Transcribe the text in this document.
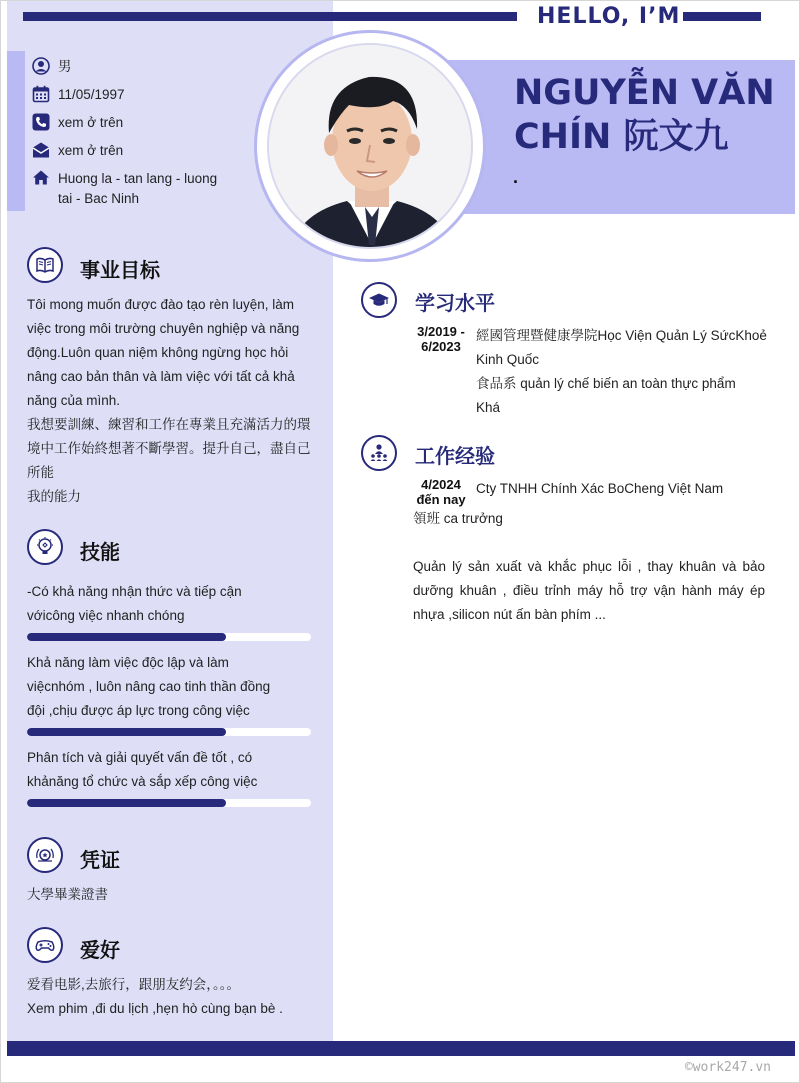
HELLO, I’M
NGUYỄN VĂN CHÍN 阮文九
.
男
11/05/1997
xem ở trên
xem ở trên
Huong la - tan lang - luong tai - Bac Ninh
事业目标
Tôi mong muốn được đào tạo rèn luyện, làm việc trong môi trường chuyên nghiệp và năng động.Luôn quan niệm không ngừng học hỏi nâng cao bản thân và làm việc với tất cả khả năng của mình.
我想要訓練、練習和工作在專業且充滿活力的環境中工作始終想著不斷學習。提升自己，盡自己所能
我的能力
技能
-Có khả năng nhận thức và tiếp cận vớicông việc nhanh chóng
Khả năng làm việc độc lập và làm việcnhóm , luôn nâng cao tinh thần đồng đội ,chịu được áp lực trong công việc
Phân tích và giải quyết vấn đề tốt , có khảnăng tổ chức và sắp xếp công việc
凭证
大學畢業證書
爱好
爱看电影,去旅行，跟朋友约会，。。。
Xem phim ,đi du lịch ,hẹn hò cùng bạn bè .
学习水平
3/2019 -
6/2023
經國管理暨健康學院Học Viện Quản Lý SứcKhoẻ Kinh Quốc
食品系 quản lý chế biến an toàn thực phẩm
Khá
工作经验
4/2024
đến nay
Cty TNHH Chính Xác BoCheng Việt Nam
領班 ca trưởng
Quản lý sản xuất và khắc phục lỗi , thay khuân và bảo dưỡng khuân , điều trỉnh máy hỗ trợ vận hành máy ép nhựa ,silicon nút ấn bàn phím ...
©work247.vn
